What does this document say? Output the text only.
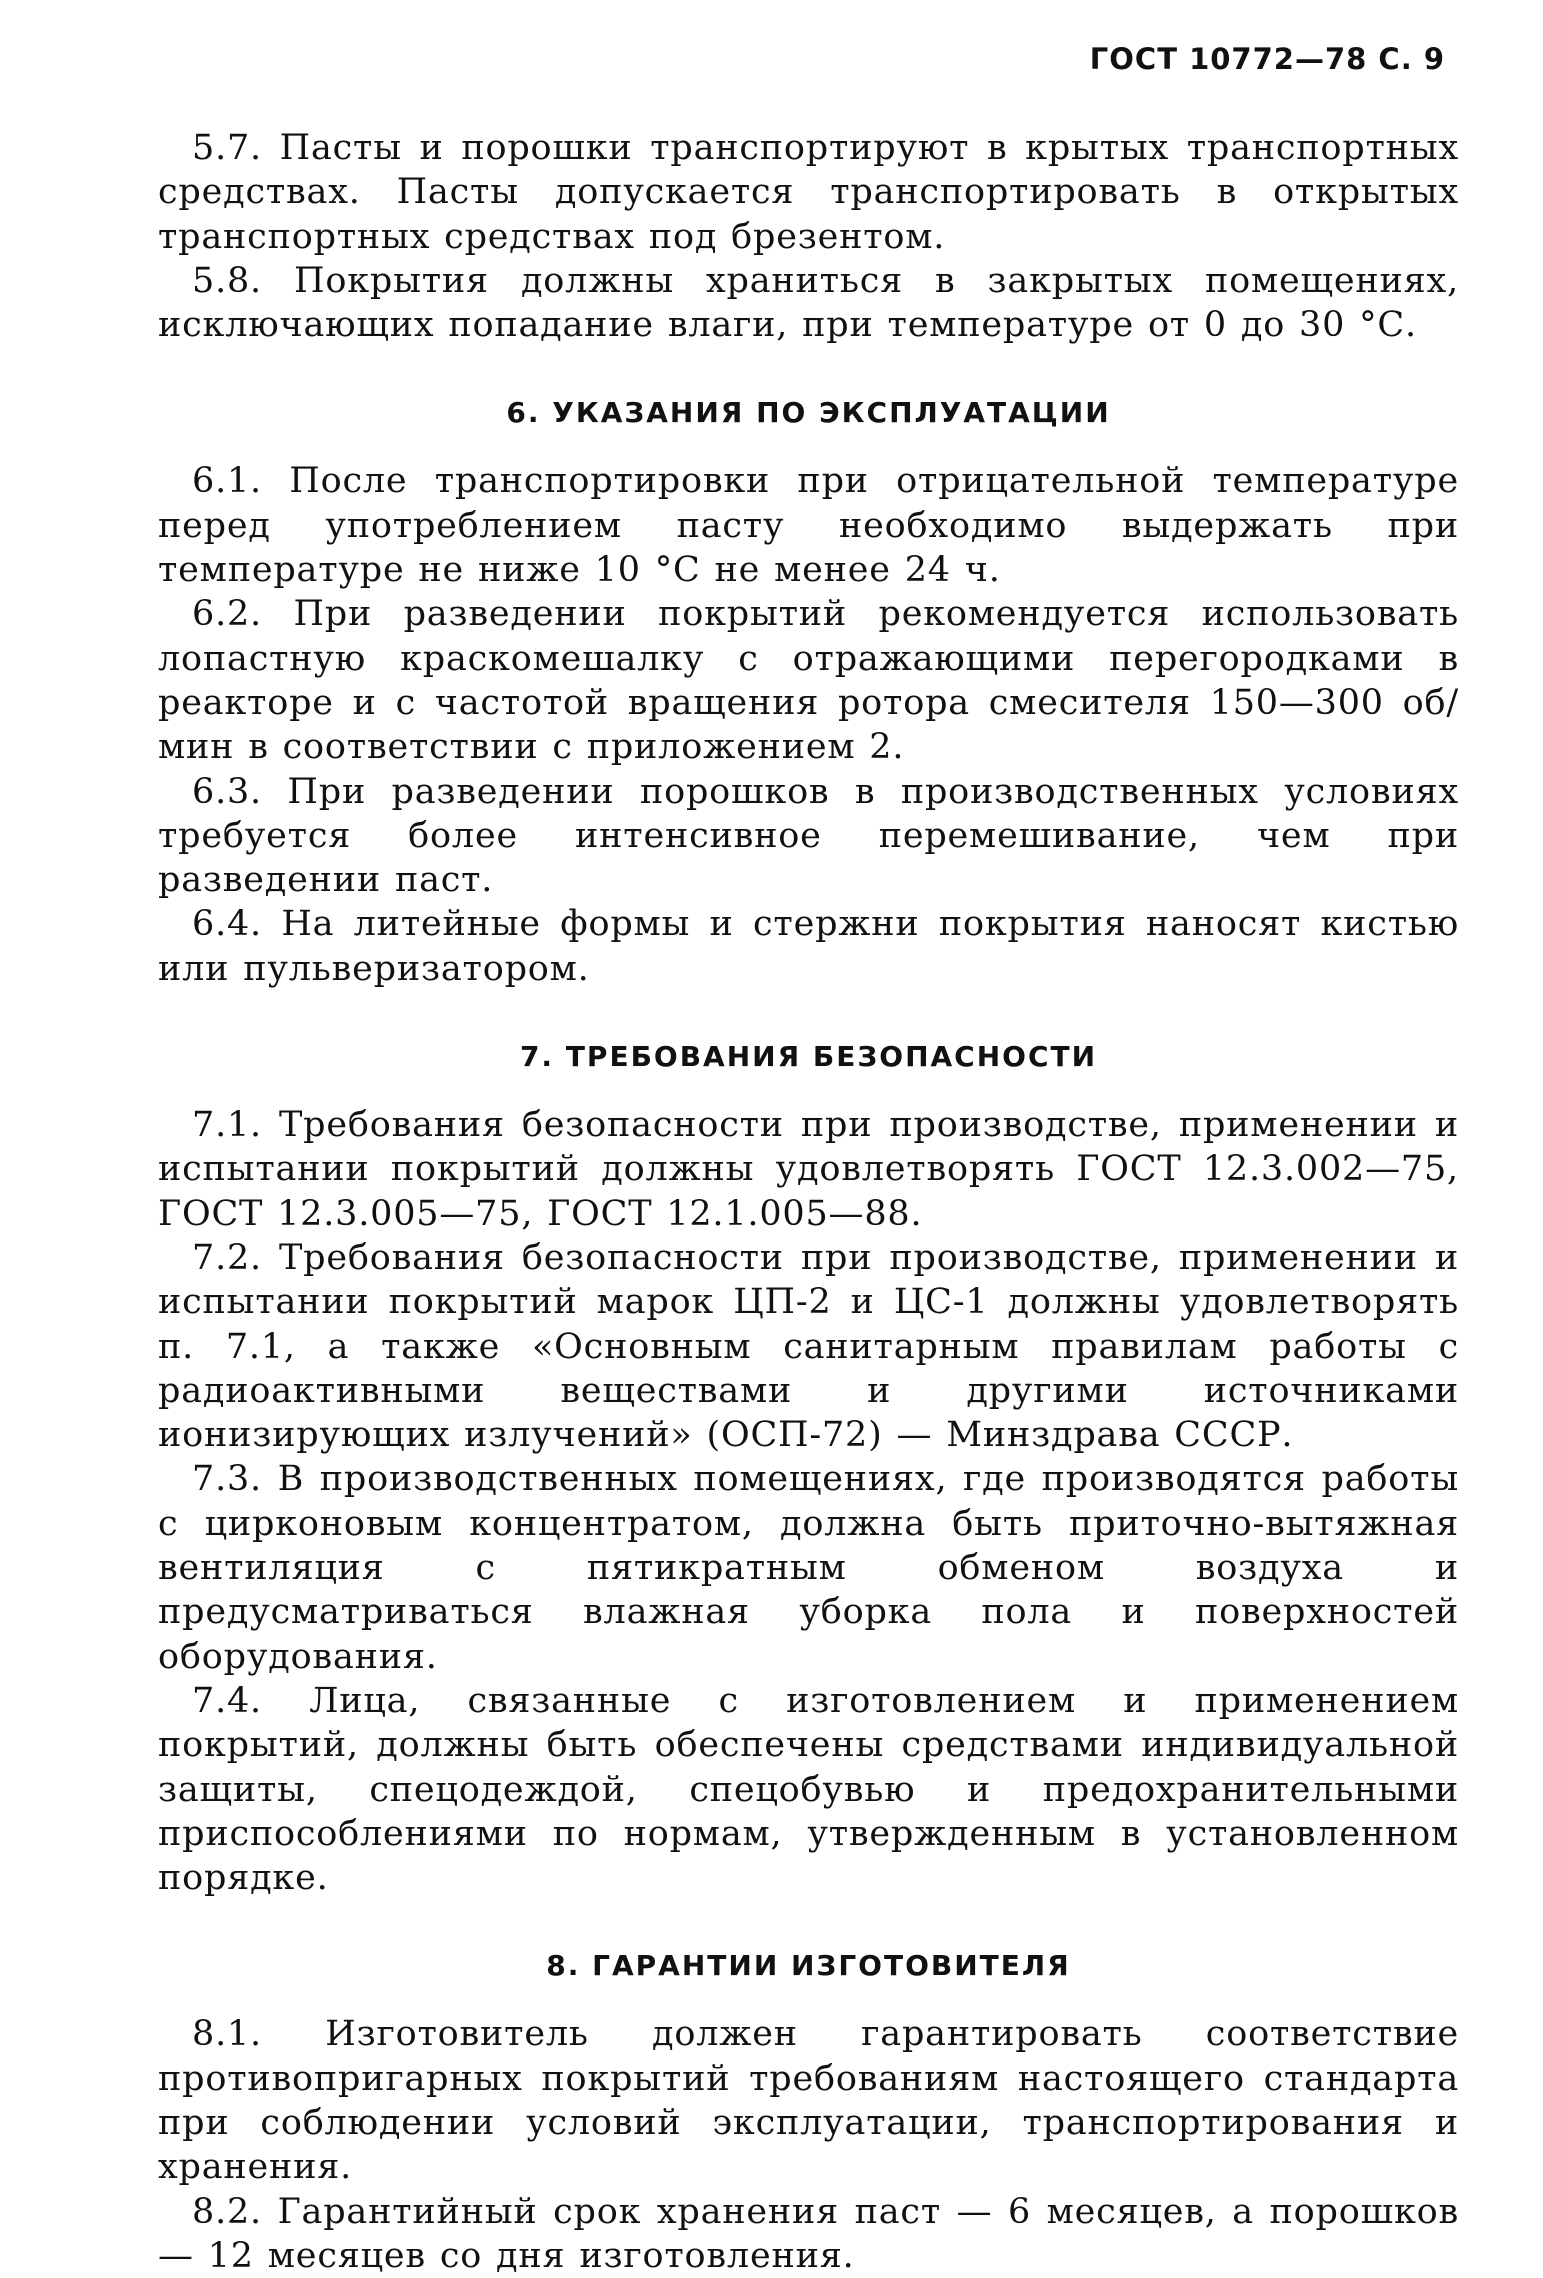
ГОСТ 10772—78 С. 9

5.7. Пасты и порошки транспортируют в крытых транспортных средствах. Пасты допускается транспортировать в открытых транспортных средствах под брезентом.

5.8. Покрытия должны храниться в закрытых помещениях, исключающих попадание влаги, при температуре от 0 до 30 °С.

6. УКАЗАНИЯ ПО ЭКСПЛУАТАЦИИ

6.1. После транспортировки при отрицательной температуре перед употреблением пасту необходимо выдержать при температуре не ниже 10 °С не менее 24 ч.

6.2. При разведении покрытий рекомендуется использовать лопастную краскомешалку с отражающими перегородками в реакторе и с частотой вращения ротора смесителя 150—300 об/мин в соответствии с приложением 2.

6.3. При разведении порошков в производственных условиях требуется более интенсивное перемешивание, чем при разведении паст.

6.4. На литейные формы и стержни покрытия наносят кистью или пульверизатором.

7. ТРЕБОВАНИЯ БЕЗОПАСНОСТИ

7.1. Требования безопасности при производстве, применении и испытании покрытий должны удовлетворять ГОСТ 12.3.002—75, ГОСТ 12.3.005—75, ГОСТ 12.1.005—88.

7.2. Требования безопасности при производстве, применении и испытании покрытий марок ЦП-2 и ЦС-1 должны удовлетворять п. 7.1, а также «Основным санитарным правилам работы с радиоактивными веществами и другими источниками ионизирующих излучений» (ОСП-72) — Минздрава СССР.

7.3. В производственных помещениях, где производятся работы с цирконовым концентратом, должна быть приточно-вытяжная вентиляция с пятикратным обменом воздуха и предусматриваться влажная уборка пола и поверхностей оборудования.

7.4. Лица, связанные с изготовлением и применением покрытий, должны быть обеспечены средствами индивидуальной защиты, спецодеждой, спецобувью и предохранительными приспособлениями по нормам, утвержденным в установленном порядке.

8. ГАРАНТИИ ИЗГОТОВИТЕЛЯ

8.1. Изготовитель должен гарантировать соответствие противопригарных покрытий требованиям настоящего стандарта при соблюдении условий эксплуатации, транспортирования и хранения.

8.2. Гарантийный срок хранения паст — 6 месяцев, а порошков — 12 месяцев со дня изготовления.
